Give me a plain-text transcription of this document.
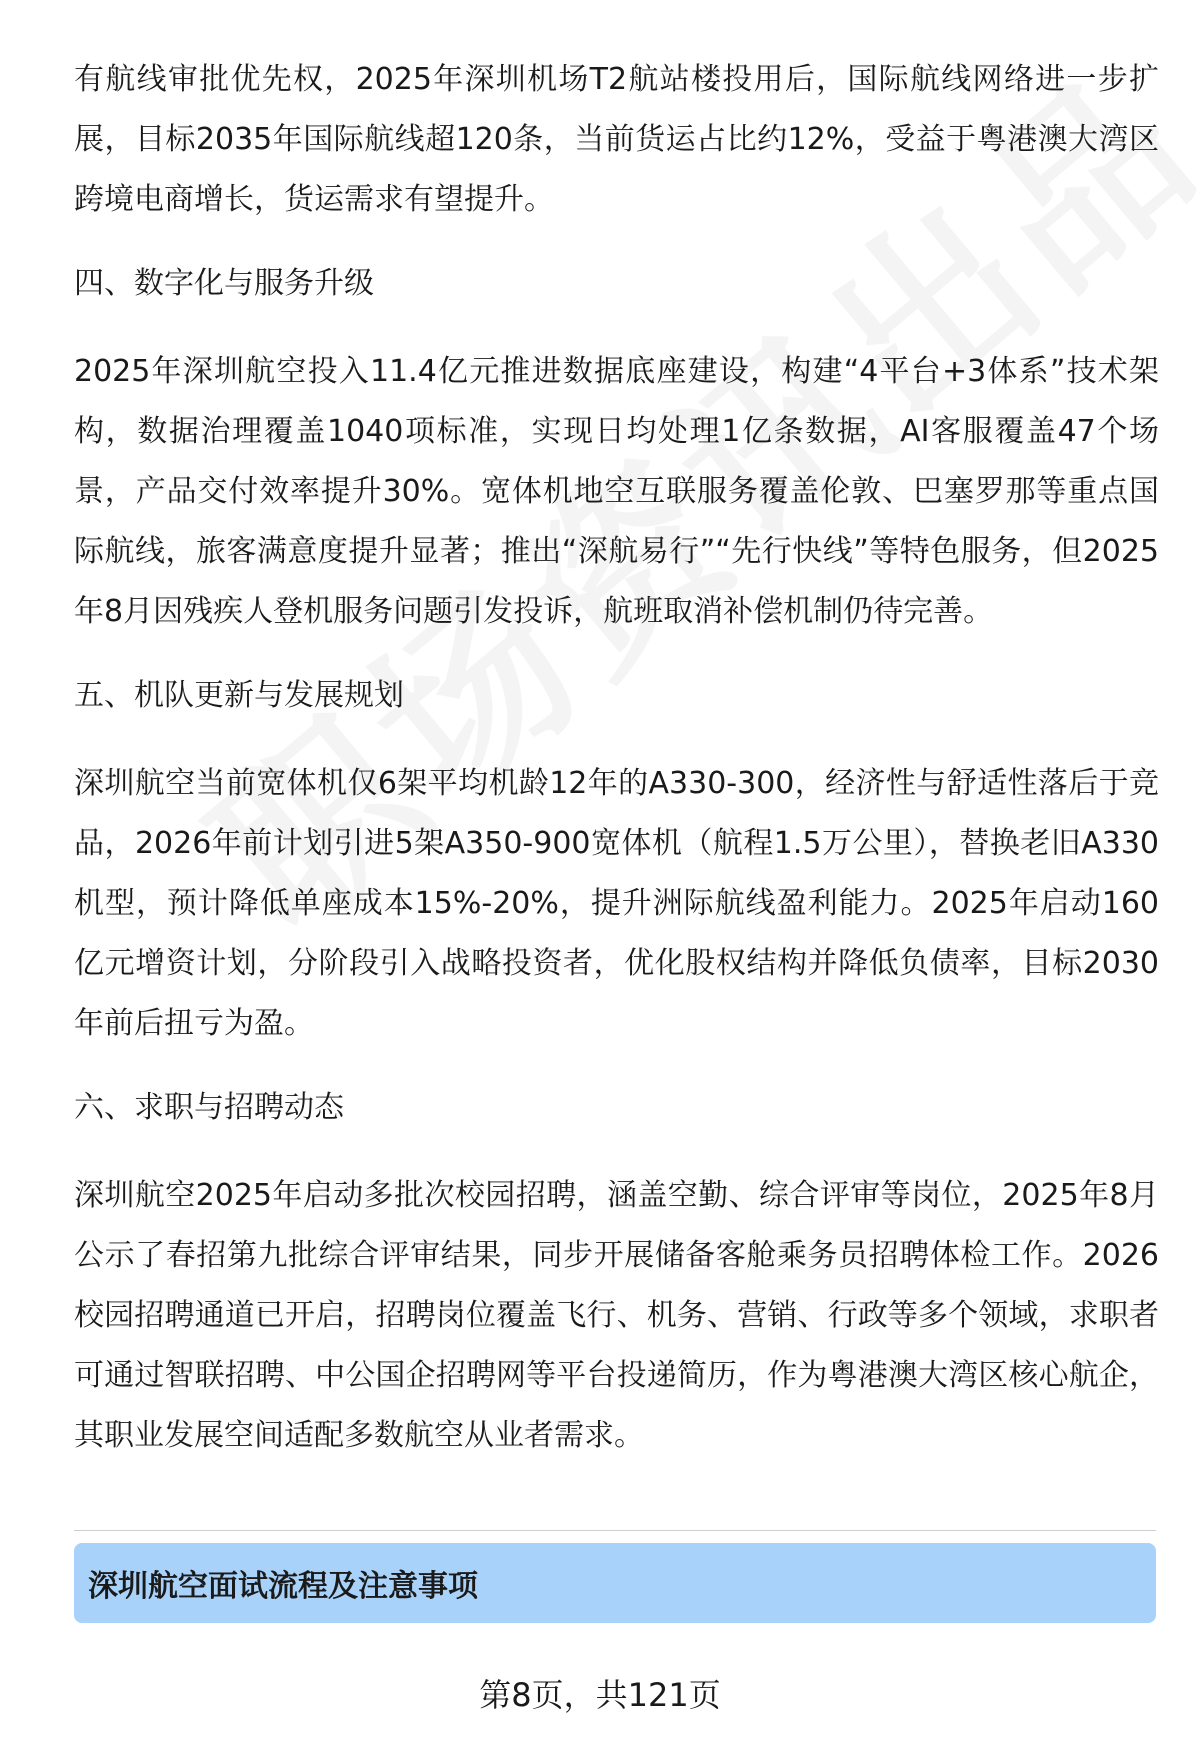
有航线审批优先权，2025年深圳机场T2航站楼投用后，国际航线网络进一步扩展，目标2035年国际航线超120条，当前货运占比约12%，受益于粤港澳大湾区跨境电商增长，货运需求有望提升。

四、数字化与服务升级

2025年深圳航空投入11.4亿元推进数据底座建设，构建“4平台+3体系”技术架构，数据治理覆盖1040项标准，实现日均处理1亿条数据，AI客服覆盖47个场景，产品交付效率提升30%。宽体机地空互联服务覆盖伦敦、巴塞罗那等重点国际航线，旅客满意度提升显著；推出“深航易行”“先行快线”等特色服务，但2025年8月因残疾人登机服务问题引发投诉，航班取消补偿机制仍待完善。

五、机队更新与发展规划

深圳航空当前宽体机仅6架平均机龄12年的A330-300，经济性与舒适性落后于竞品，2026年前计划引进5架A350-900宽体机（航程1.5万公里），替换老旧A330机型，预计降低单座成本15%-20%，提升洲际航线盈利能力。2025年启动160亿元增资计划，分阶段引入战略投资者，优化股权结构并降低负债率，目标2030年前后扭亏为盈。

六、求职与招聘动态

深圳航空2025年启动多批次校园招聘，涵盖空勤、综合评审等岗位，2025年8月公示了春招第九批综合评审结果，同步开展储备客舱乘务员招聘体检工作。2026校园招聘通道已开启，招聘岗位覆盖飞行、机务、营销、行政等多个领域，求职者可通过智联招聘、中公国企招聘网等平台投递简历，作为粤港澳大湾区核心航企，其职业发展空间适配多数航空从业者需求。

深圳航空面试流程及注意事项
第8页，共121页
